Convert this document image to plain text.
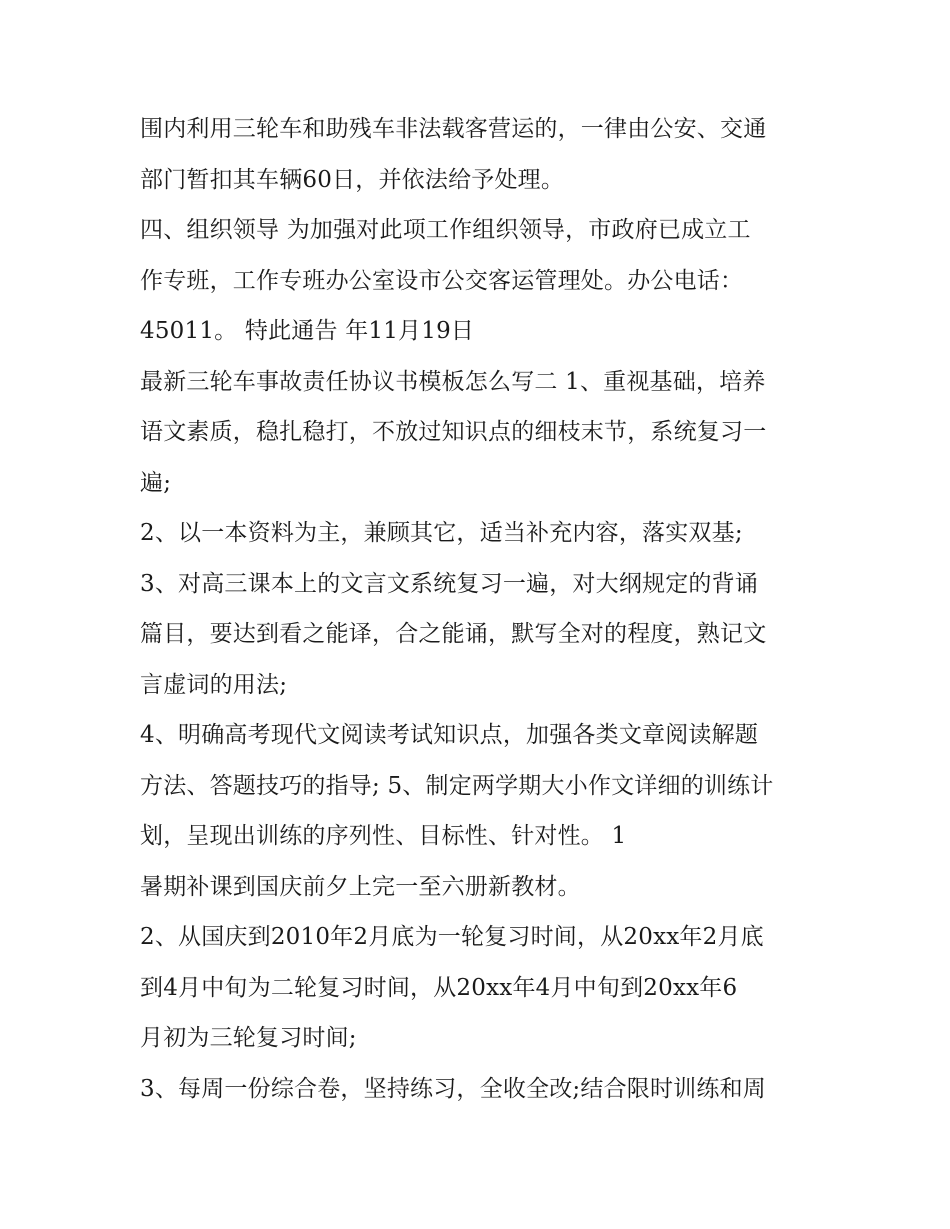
围内利用三轮车和助残车非法载客营运的，一律由公安、交通
部门暂扣其车辆60日，并依法给予处理。
四、组织领导 为加强对此项工作组织领导，市政府已成立工
作专班，工作专班办公室设市公交客运管理处。办公电话：
45011。 特此通告 年11月19日
最新三轮车事故责任协议书模板怎么写二 1、重视基础，培养
语文素质，稳扎稳打，不放过知识点的细枝末节，系统复习一
遍;
2、以一本资料为主，兼顾其它，适当补充内容，落实双基;
3、对高三课本上的文言文系统复习一遍，对大纲规定的背诵
篇目，要达到看之能译，合之能诵，默写全对的程度，熟记文
言虚词的用法;
4、明确高考现代文阅读考试知识点，加强各类文章阅读解题
方法、答题技巧的指导; 5、制定两学期大小作文详细的训练计
划，呈现出训练的序列性、目标性、针对性。 1
暑期补课到国庆前夕上完一至六册新教材。
2、从国庆到2010年2月底为一轮复习时间，从20xx年2月底
到4月中旬为二轮复习时间，从20xx年4月中旬到20xx年6
月初为三轮复习时间;
3、每周一份综合卷，坚持练习，全收全改;结合限时训练和周
